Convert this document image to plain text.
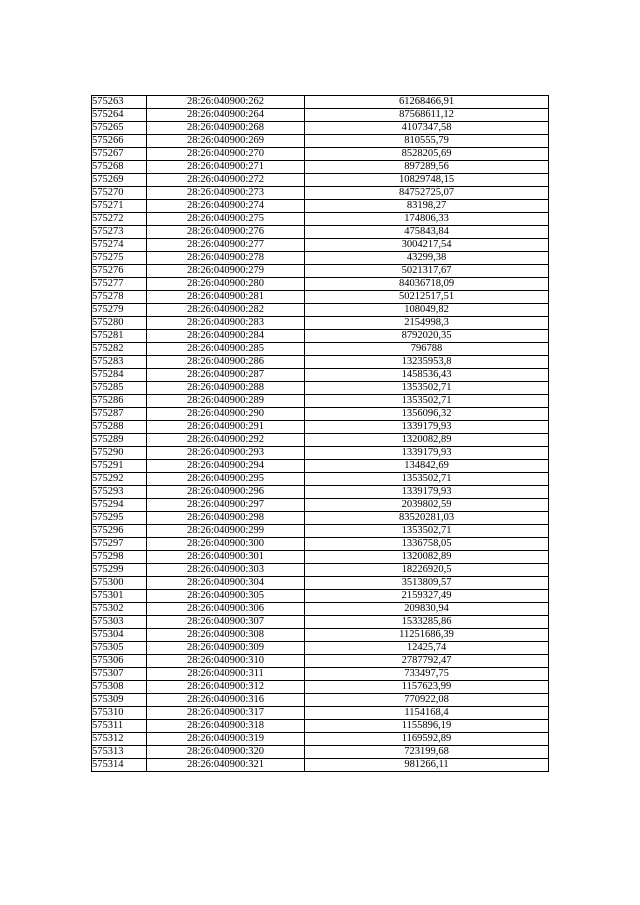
575263	28:26:040900:262	61268466,91
575264	28:26:040900:264	87568611,12
575265	28:26:040900:268	4107347,58
575266	28:26:040900:269	810555,79
575267	28:26:040900:270	8528205,69
575268	28:26:040900:271	897289,56
575269	28:26:040900:272	10829748,15
575270	28:26:040900:273	84752725,07
575271	28:26:040900:274	83198,27
575272	28:26:040900:275	174806,33
575273	28:26:040900:276	475843,84
575274	28:26:040900:277	3004217,54
575275	28:26:040900:278	43299,38
575276	28:26:040900:279	5021317,67
575277	28:26:040900:280	84036718,09
575278	28:26:040900:281	50212517,51
575279	28:26:040900:282	108049,82
575280	28:26:040900:283	2154998,3
575281	28:26:040900:284	8792020,35
575282	28:26:040900:285	796788
575283	28:26:040900:286	13235953,8
575284	28:26:040900:287	1458536,43
575285	28:26:040900:288	1353502,71
575286	28:26:040900:289	1353502,71
575287	28:26:040900:290	1356096,32
575288	28:26:040900:291	1339179,93
575289	28:26:040900:292	1320082,89
575290	28:26:040900:293	1339179,93
575291	28:26:040900:294	134842,69
575292	28:26:040900:295	1353502,71
575293	28:26:040900:296	1339179,93
575294	28:26:040900:297	2039802,59
575295	28:26:040900:298	83520281,03
575296	28:26:040900:299	1353502,71
575297	28:26:040900:300	1336758,05
575298	28:26:040900:301	1320082,89
575299	28:26:040900:303	18226920,5
575300	28:26:040900:304	3513809,57
575301	28:26:040900:305	2159327,49
575302	28:26:040900:306	209830,94
575303	28:26:040900:307	1533285,86
575304	28:26:040900:308	11251686,39
575305	28:26:040900:309	12425,74
575306	28:26:040900:310	2787792,47
575307	28:26:040900:311	733497,75
575308	28:26:040900:312	1157623,99
575309	28:26:040900:316	770922,08
575310	28:26:040900:317	1154168,4
575311	28:26:040900:318	1155896,19
575312	28:26:040900:319	1169592,89
575313	28:26:040900:320	723199,68
575314	28:26:040900:321	981266,11
